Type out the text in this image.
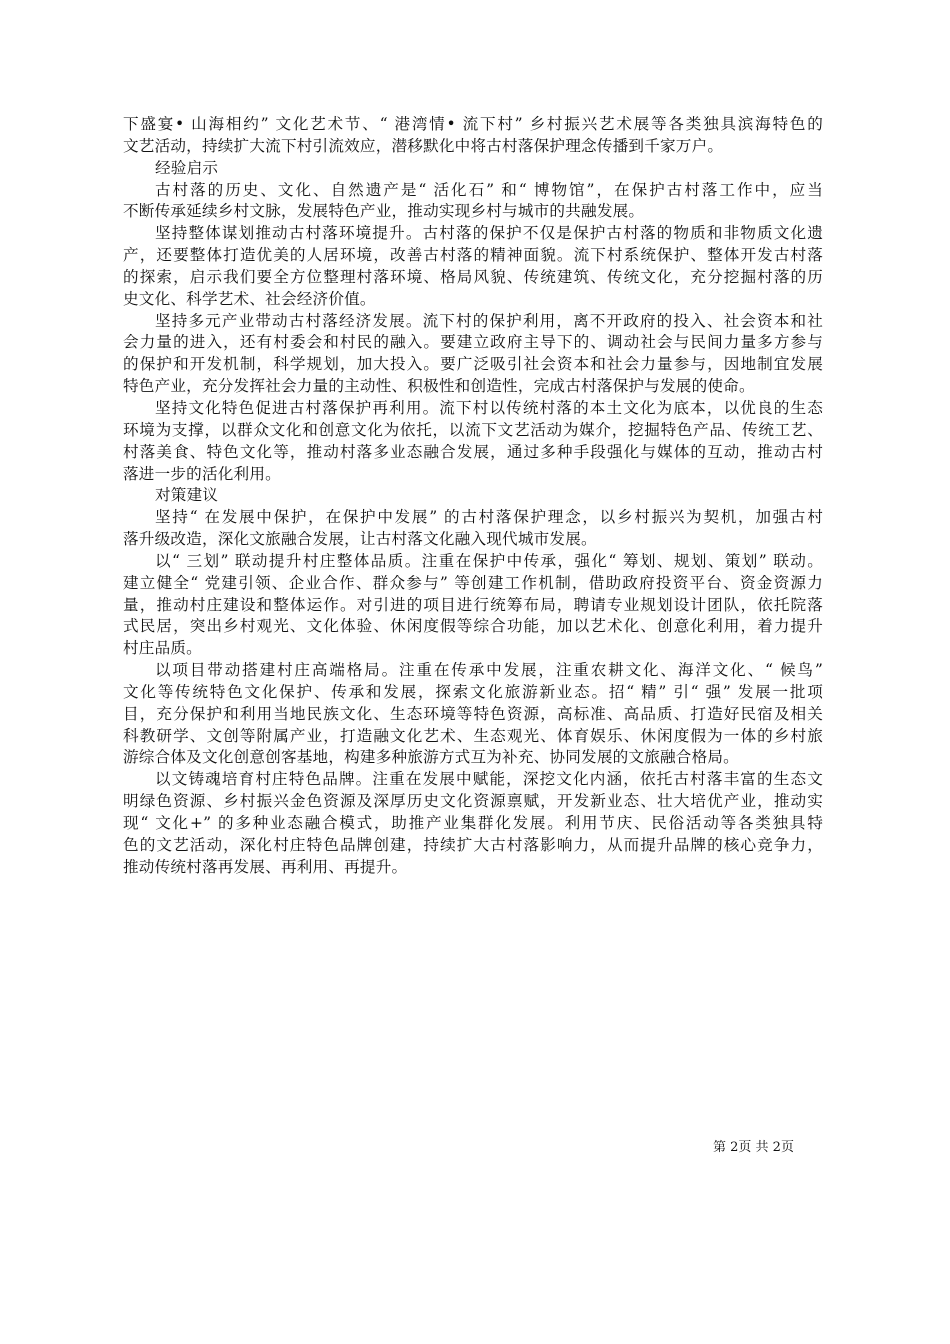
下盛宴• 山海相约” 文化艺术节、“ 港湾情• 流下村” 乡村振兴艺术展等各类独具滨海特色的
文艺活动，持续扩大流下村引流效应，潜移默化中将古村落保护理念传播到千家万户。
经验启示
古村落的历史、文化、自然遗产是“ 活化石” 和“ 博物馆”，在保护古村落工作中，应当
不断传承延续乡村文脉，发展特色产业，推动实现乡村与城市的共融发展。
坚持整体谋划推动古村落环境提升。古村落的保护不仅是保护古村落的物质和非物质文化遗
产，还要整体打造优美的人居环境，改善古村落的精神面貌。流下村系统保护、整体开发古村落
的探索，启示我们要全方位整理村落环境、格局风貌、传统建筑、传统文化，充分挖掘村落的历
史文化、科学艺术、社会经济价值。
坚持多元产业带动古村落经济发展。流下村的保护利用，离不开政府的投入、社会资本和社
会力量的进入，还有村委会和村民的融入。要建立政府主导下的、调动社会与民间力量多方参与
的保护和开发机制，科学规划，加大投入。要广泛吸引社会资本和社会力量参与，因地制宜发展
特色产业，充分发挥社会力量的主动性、积极性和创造性，完成古村落保护与发展的使命。
坚持文化特色促进古村落保护再利用。流下村以传统村落的本土文化为底本，以优良的生态
环境为支撑，以群众文化和创意文化为依托，以流下文艺活动为媒介，挖掘特色产品、传统工艺、
村落美食、特色文化等，推动村落多业态融合发展，通过多种手段强化与媒体的互动，推动古村
落进一步的活化利用。
对策建议
坚持“ 在发展中保护，在保护中发展” 的古村落保护理念，以乡村振兴为契机，加强古村
落升级改造，深化文旅融合发展，让古村落文化融入现代城市发展。
以“ 三划” 联动提升村庄整体品质。注重在保护中传承，强化“ 筹划、规划、策划” 联动。
建立健全“ 党建引领、企业合作、群众参与” 等创建工作机制，借助政府投资平台、资金资源力
量，推动村庄建设和整体运作。对引进的项目进行统筹布局，聘请专业规划设计团队，依托院落
式民居，突出乡村观光、文化体验、休闲度假等综合功能，加以艺术化、创意化利用，着力提升
村庄品质。
以项目带动搭建村庄高端格局。注重在传承中发展，注重农耕文化、海洋文化、“ 候鸟”
文化等传统特色文化保护、传承和发展，探索文化旅游新业态。招“ 精” 引“ 强” 发展一批项
目，充分保护和利用当地民族文化、生态环境等特色资源，高标准、高品质、打造好民宿及相关
科教研学、文创等附属产业，打造融文化艺术、生态观光、体育娱乐、休闲度假为一体的乡村旅
游综合体及文化创意创客基地，构建多种旅游方式互为补充、协同发展的文旅融合格局。
以文铸魂培育村庄特色品牌。注重在发展中赋能，深挖文化内涵，依托古村落丰富的生态文
明绿色资源、乡村振兴金色资源及深厚历史文化资源禀赋，开发新业态、壮大培优产业，推动实
现“ 文化+” 的多种业态融合模式，助推产业集群化发展。利用节庆、民俗活动等各类独具特
色的文艺活动，深化村庄特色品牌创建，持续扩大古村落影响力，从而提升品牌的核心竞争力，
推动传统村落再发展、再利用、再提升。
第 2页 共 2页
